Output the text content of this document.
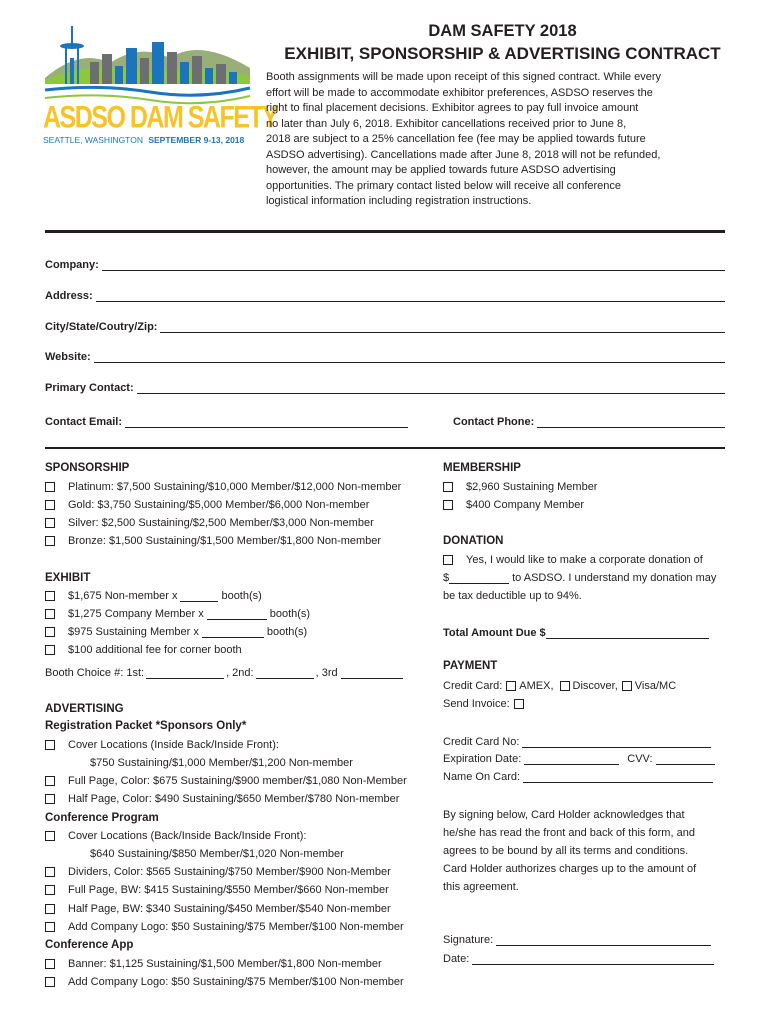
ASDSO DAM SAFETY
SEATTLE, WASHINGTON SEPTEMBER 9-13, 2018
DAM SAFETY 2018
EXHIBIT, SPONSORSHIP & ADVERTISING CONTRACT
Booth assignments will be made upon receipt of this signed contract. While every
effort will be made to accommodate exhibitor preferences, ASDSO reserves the
right to final placement decisions. Exhibitor agrees to pay full invoice amount
no later than July 6, 2018. Exhibitor cancellations received prior to June 8,
2018 are subject to a 25% cancellation fee (fee may be applied towards future
ASDSO advertising). Cancellations made after June 8, 2018 will not be refunded,
however, the amount may be applied towards future ASDSO advertising
opportunities. The primary contact listed below will receive all conference
logistical information including registration instructions.
Company:
Address:
City/State/Coutry/Zip:
Website:
Primary Contact:
Contact Email:	Contact Phone:
SPONSORSHIP
Platinum: $7,500 Sustaining/$10,000 Member/$12,000 Non-member
Gold: $3,750 Sustaining/$5,000 Member/$6,000 Non-member
Silver: $2,500 Sustaining/$2,500 Member/$3,000 Non-member
Bronze: $1,500 Sustaining/$1,500 Member/$1,800 Non-member
EXHIBIT
$1,675 Non-member x	booth(s)
$1,275 Company Member x	booth(s)
$975 Sustaining Member x	booth(s)
$100 additional fee for corner booth
Booth Choice #: 1st:	, 2nd:	, 3rd
ADVERTISING
Registration Packet *Sponsors Only*
Cover Locations (Inside Back/Inside Front):
$750 Sustaining/$1,000 Member/$1,200 Non-member
Full Page, Color: $675 Sustaining/$900 member/$1,080 Non-Member
Half Page, Color: $490 Sustaining/$650 Member/$780 Non-member
Conference Program
Cover Locations (Back/Inside Back/Inside Front):
$640 Sustaining/$850 Member/$1,020 Non-member
Dividers, Color: $565 Sustaining/$750 Member/$900 Non-Member
Full Page, BW: $415 Sustaining/$550 Member/$660 Non-member
Half Page, BW: $340 Sustaining/$450 Member/$540 Non-member
Add Company Logo: $50 Sustaining/$75 Member/$100 Non-member
Conference App
Banner: $1,125 Sustaining/$1,500 Member/$1,800 Non-member
Add Company Logo: $50 Sustaining/$75 Member/$100 Non-member
MEMBERSHIP
$2,960 Sustaining Member
$400 Company Member
DONATION
Yes, I would like to make a corporate donation of
$	to ASDSO. I understand my donation may
be tax deductible up to 94%.
Total Amount Due $
PAYMENT
Credit Card: AMEX, Discover, Visa/MC
Send Invoice:
Credit Card No:
Expiration Date:	CVV:
Name On Card:
By signing below, Card Holder acknowledges that
he/she has read the front and back of this form, and
agrees to be bound by all its terms and conditions.
Card Holder authorizes charges up to the amount of
this agreement.
Signature:
Date:
